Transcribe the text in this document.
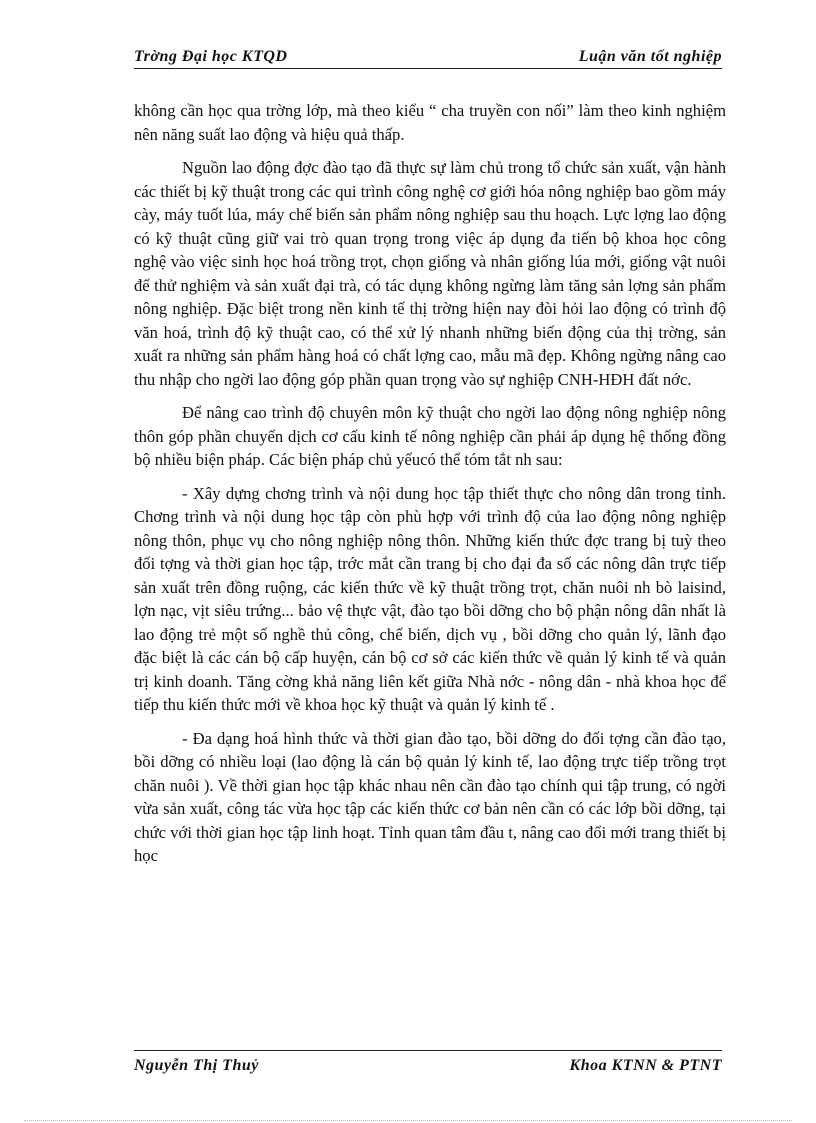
Trờng Đại học KTQD	Luận văn tốt nghiệp

không cần học qua trờng lớp, mà theo kiểu “ cha truyền con nối” làm theo kinh nghiệm nên năng suất lao động và hiệu quả thấp.

Nguồn lao động đợc đào tạo đã thực sự làm chủ trong tổ chức sản xuất, vận hành các thiết bị kỹ thuật trong các qui trình công nghệ cơ giới hóa nông nghiệp bao gồm máy cày, máy tuốt lúa, máy chế biến sản phẩm nông nghiệp sau thu hoạch. Lực lợng lao động có kỹ thuật cũng giữ vai trò quan trọng trong việc áp dụng đa tiến bộ khoa học công nghệ vào việc sinh học hoá trồng trọt, chọn giống và nhân giống lúa mới, giống vật nuôi để thử nghiệm và sản xuất đại trà, có tác dụng không ngừng làm tăng sản lợng sản phẩm nông nghiệp. Đặc biệt trong nền kinh tế thị trờng hiện nay đòi hỏi lao động có trình độ văn hoá, trình độ kỹ thuật cao, có thể xử lý nhanh những biến động của thị trờng, sản xuất ra những sản phẩm hàng hoá có chất lợng cao, mẫu mã đẹp. Không ngừng nâng cao thu nhập cho ngời lao động góp phần quan trọng vào sự nghiệp CNH-HĐH đất nớc.

Để nâng cao trình độ chuyên môn kỹ thuật cho ngời lao động nông nghiệp nông thôn góp phần chuyển dịch cơ cấu kinh tế nông nghiệp cần phải áp dụng hệ thống đồng bộ nhiều biện pháp. Các biện pháp chủ yếucó thể tóm tắt nh sau:

- Xây dựng chơng trình và nội dung học tập thiết thực cho nông dân trong tỉnh. Chơng trình và nội dung học tập còn phù hợp với trình độ của lao động nông nghiệp nông thôn, phục vụ cho nông nghiệp nông thôn. Những kiến thức đợc trang bị tuỳ theo đối tợng và thời gian học tập, trớc mắt cần trang bị cho đại đa số các nông dân trực tiếp sản xuất trên đồng ruộng, các kiến thức về kỹ thuật trồng trọt, chăn nuôi nh bò laisind, lợn nạc, vịt siêu trứng... bảo vệ thực vật, đào tạo bồi dỡng cho bộ phận nông dân nhất là lao động trẻ một số nghề thủ công, chế biến, dịch vụ , bồi dỡng cho quản lý, lãnh đạo đặc biệt là các cán bộ cấp huyện, cán bộ cơ sở các kiến thức về quản lý kinh tế và quản trị kinh doanh. Tăng cờng khả năng liên kết giữa Nhà nớc - nông dân - nhà khoa học để tiếp thu kiến thức mới về khoa học kỹ thuật và quản lý kinh tế .

- Đa dạng hoá hình thức và thời gian đào tạo, bồi dỡng do đối tợng cần đào tạo, bồi dỡng có nhiều loại (lao động là cán bộ quản lý kinh tế, lao động trực tiếp trồng trọt chăn nuôi ). Về thời gian học tập khác nhau nên cần đào tạo chính qui tập trung, có ngời vừa sản xuất, công tác vừa học tập các kiến thức cơ bản nên cần có các lớp bồi dỡng, tại chức với thời gian học tập linh hoạt. Tỉnh quan tâm đầu t, nâng cao đổi mới trang thiết bị học

Nguyễn Thị Thuỷ	Khoa KTNN & PTNT
